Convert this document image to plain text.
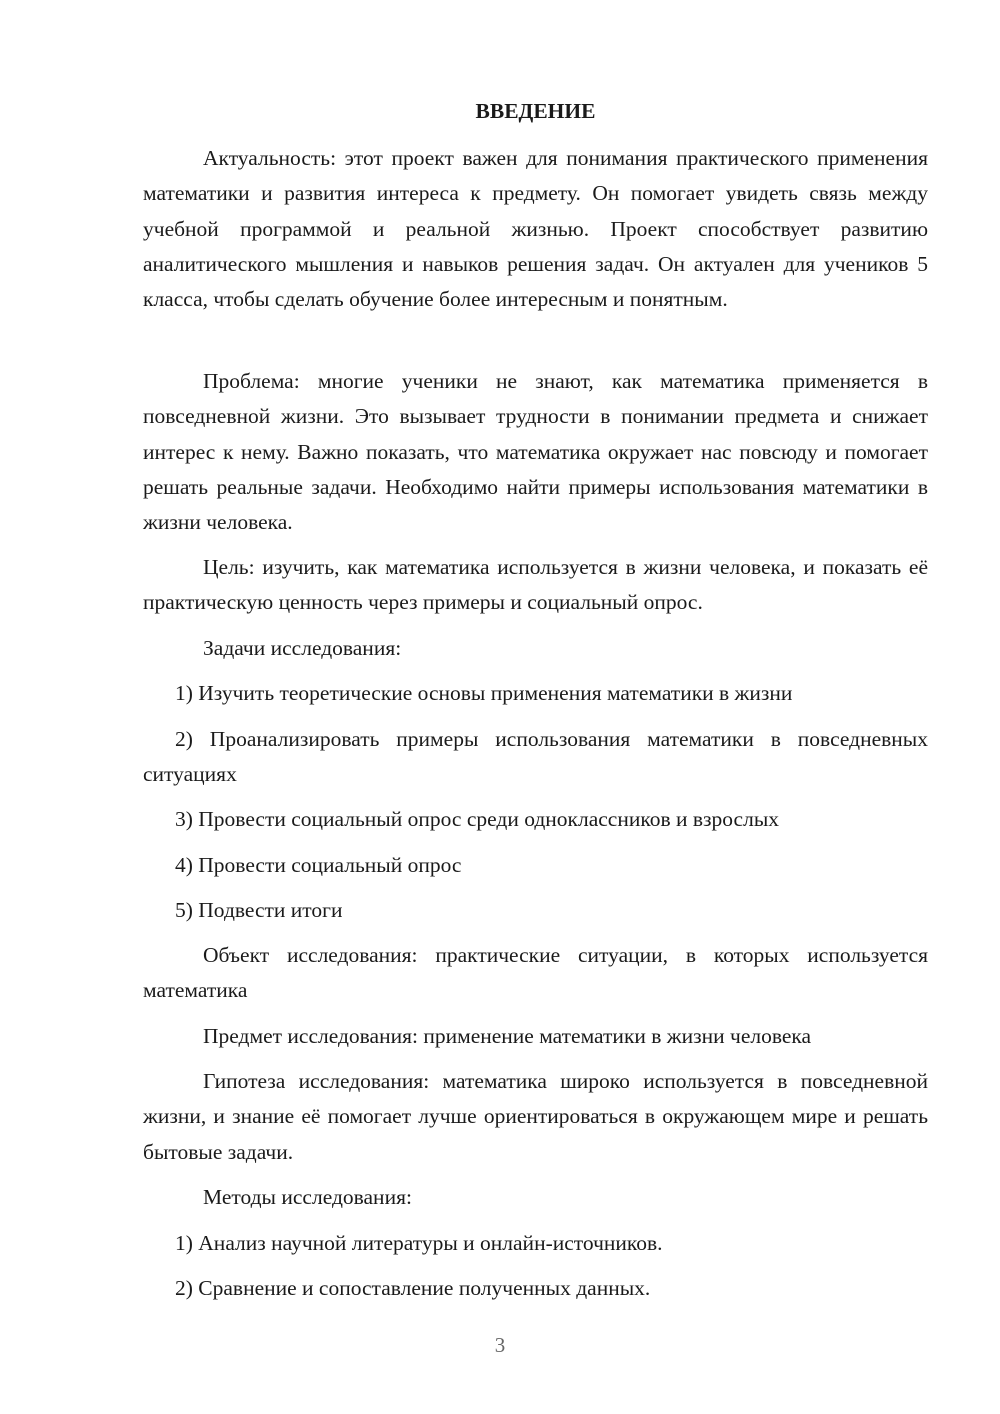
ВВЕДЕНИЕ

Актуальность: этот проект важен для понимания практического применения математики и развития интереса к предмету. Он помогает увидеть связь между учебной программой и реальной жизнью. Проект способствует развитию аналитического мышления и навыков решения задач. Он актуален для учеников 5 класса, чтобы сделать обучение более интересным и понятным.

Проблема: многие ученики не знают, как математика применяется в повседневной жизни. Это вызывает трудности в понимании предмета и снижает интерес к нему. Важно показать, что математика окружает нас повсюду и помогает решать реальные задачи. Необходимо найти примеры использования математики в жизни человека.

Цель: изучить, как математика используется в жизни человека, и показать её практическую ценность через примеры и социальный опрос.

Задачи исследования:

1) Изучить теоретические основы применения математики в жизни

2) Проанализировать примеры использования математики в повседневных ситуациях

3) Провести социальный опрос среди одноклассников и взрослых

4) Провести социальный опрос

5) Подвести итоги

Объект исследования: практические ситуации, в которых используется математика

Предмет исследования: применение математики в жизни человека

Гипотеза исследования: математика широко используется в повседневной жизни, и знание её помогает лучше ориентироваться в окружающем мире и решать бытовые задачи.

Методы исследования:

1) Анализ научной литературы и онлайн-источников.

2) Сравнение и сопоставление полученных данных.

3
